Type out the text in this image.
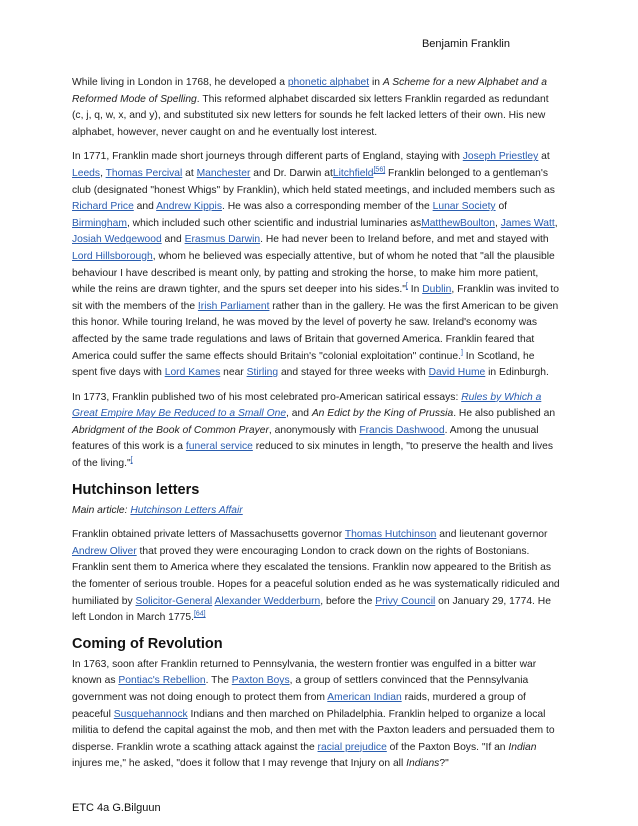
Benjamin Franklin

While living in London in 1768, he developed a phonetic alphabet in A Scheme for a new Alphabet and a Reformed Mode of Spelling. This reformed alphabet discarded six letters Franklin regarded as redundant (c, j, q, w, x, and y), and substituted six new letters for sounds he felt lacked letters of their own. His new alphabet, however, never caught on and he eventually lost interest.

In 1771, Franklin made short journeys through different parts of England, staying with Joseph Priestley at Leeds, Thomas Percival at Manchester and Dr. Darwin atLitchfield[56] Franklin belonged to a gentleman's club (designated "honest Whigs" by Franklin), which held stated meetings, and included members such as Richard Price and Andrew Kippis. He was also a corresponding member of the Lunar Society of Birmingham, which included such other scientific and industrial luminaries asMatthewBoulton, James Watt, Josiah Wedgewood and Erasmus Darwin. He had never been to Ireland before, and met and stayed with Lord Hillsborough, whom he believed was especially attentive, but of whom he noted that "all the plausible behaviour I have described is meant only, by patting and stroking the horse, to make him more patient, while the reins are drawn tighter, and the spurs set deeper into his sides."[ In Dublin, Franklin was invited to sit with the members of the Irish Parliament rather than in the gallery. He was the first American to be given this honor. While touring Ireland, he was moved by the level of poverty he saw. Ireland's economy was affected by the same trade regulations and laws of Britain that governed America. Franklin feared that America could suffer the same effects should Britain's "colonial exploitation" continue.] In Scotland, he spent five days with Lord Kames near Stirling and stayed for three weeks with David Hume in Edinburgh.

In 1773, Franklin published two of his most celebrated pro-American satirical essays: Rules by Which a Great Empire May Be Reduced to a Small One, and An Edict by the King of Prussia. He also published an Abridgment of the Book of Common Prayer, anonymously with Francis Dashwood. Among the unusual features of this work is a funeral service reduced to six minutes in length, "to preserve the health and lives of the living."[

Hutchinson letters

Main article: Hutchinson Letters Affair

Franklin obtained private letters of Massachusetts governor Thomas Hutchinson and lieutenant governor Andrew Oliver that proved they were encouraging London to crack down on the rights of Bostonians. Franklin sent them to America where they escalated the tensions. Franklin now appeared to the British as the fomenter of serious trouble. Hopes for a peaceful solution ended as he was systematically ridiculed and humiliated by Solicitor-General Alexander Wedderburn, before the Privy Council on January 29, 1774. He left London in March 1775.[64]

Coming of Revolution

In 1763, soon after Franklin returned to Pennsylvania, the western frontier was engulfed in a bitter war known as Pontiac's Rebellion. The Paxton Boys, a group of settlers convinced that the Pennsylvania government was not doing enough to protect them from American Indian raids, murdered a group of peaceful Susquehannock Indians and then marched on Philadelphia. Franklin helped to organize a local militia to defend the capital against the mob, and then met with the Paxton leaders and persuaded them to disperse. Franklin wrote a scathing attack against the racial prejudice of the Paxton Boys. "If an Indian injures me," he asked, "does it follow that I may revenge that Injury on all Indians?"

ETC 4a G.Bilguun
